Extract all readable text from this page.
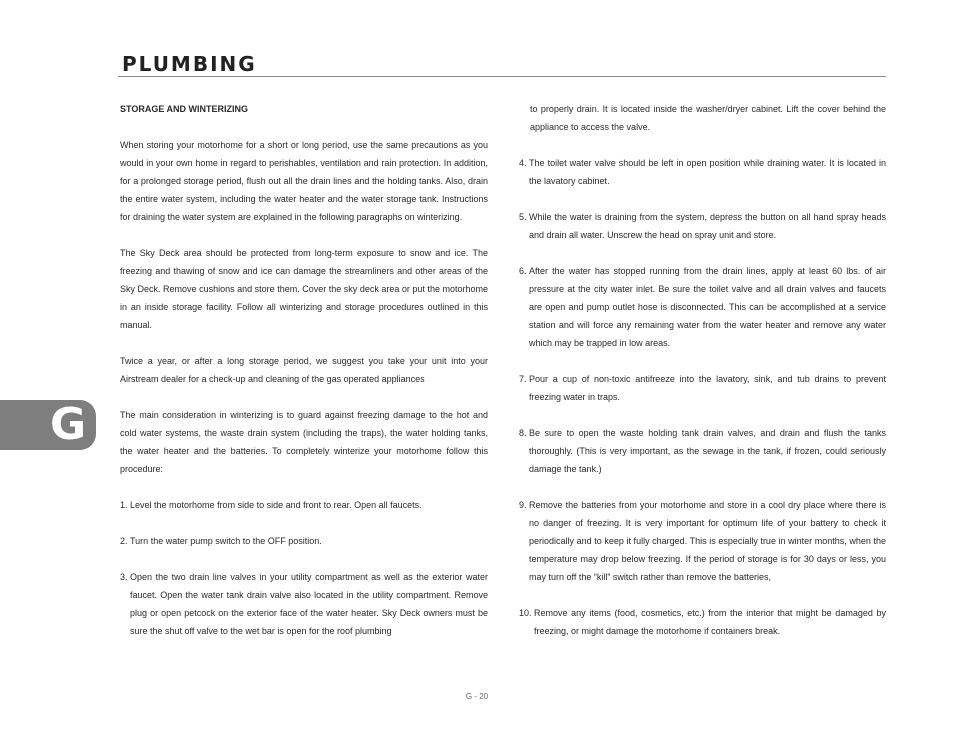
PLUMBING

STORAGE AND WINTERIZING

When storing your motorhome for a short or long period, use the same precautions as you would in your own home in regard to perishables, ventilation and rain protection. In addition, for a prolonged storage period, flush out all the drain lines and the holding tanks. Also, drain the entire water system, including the water heater and the water storage tank. Instructions for draining the water system are explained in the following paragraphs on winterizing.

The Sky Deck area should be protected from long-term exposure to snow and ice. The freezing and thawing of snow and ice can damage the streamliners and other areas of the Sky Deck. Remove cushions and store them. Cover the sky deck area or put the motorhome in an inside storage facility. Follow all winterizing and storage procedures outlined in this manual.

Twice a year, or after a long storage period, we suggest you take your unit into your Airstream dealer for a check-up and cleaning of the gas operated appliances

The main consideration in winterizing is to guard against freezing damage to the hot and cold water systems, the waste drain system (including the traps), the water holding tanks, the water heater and the batteries. To completely winterize your motorhome follow this procedure:

1. Level the motorhome from side to side and front to rear. Open all faucets.
2. Turn the water pump switch to the OFF position.
3. Open the two drain line valves in your utility compartment as well as the exterior water faucet. Open the water tank drain valve also located in the utility compartment. Remove plug or open petcock on the exterior face of the water heater. Sky Deck owners must be sure the shut off valve to the wet bar is open for the roof plumbing

to properly drain. It is located inside the washer/dryer cabinet. Lift the cover behind the appliance to access the valve.

4. The toilet water valve should be left in open position while draining water. It is located in the lavatory cabinet.
5. While the water is draining from the system, depress the button on all hand spray heads and drain all water. Unscrew the head on spray unit and store.
6. After the water has stopped running from the drain lines, apply at least 60 lbs. of air pressure at the city water inlet. Be sure the toilet valve and all drain valves and faucets are open and pump outlet hose is disconnected. This can be accomplished at a service station and will force any remaining water from the water heater and remove any water which may be trapped in low areas.
7. Pour a cup of non-toxic antifreeze into the lavatory, sink, and tub drains to prevent freezing water in traps.
8. Be sure to open the waste holding tank drain valves, and drain and flush the tanks thoroughly. (This is very important, as the sewage in the tank, if frozen, could seriously damage the tank.)
9. Remove the batteries from your motorhome and store in a cool dry place where there is no danger of freezing. It is very important for optimum life of your battery to check it periodically and to keep it fully charged. This is especially true in winter months, when the temperature may drop below freezing. If the period of storage is for 30 days or less, you may turn off the “kill” switch rather than remove the batteries,
10. Remove any items (food, cosmetics, etc.) from the interior that might be damaged by freezing, or might damage the motorhome if containers break.
G
G - 20
